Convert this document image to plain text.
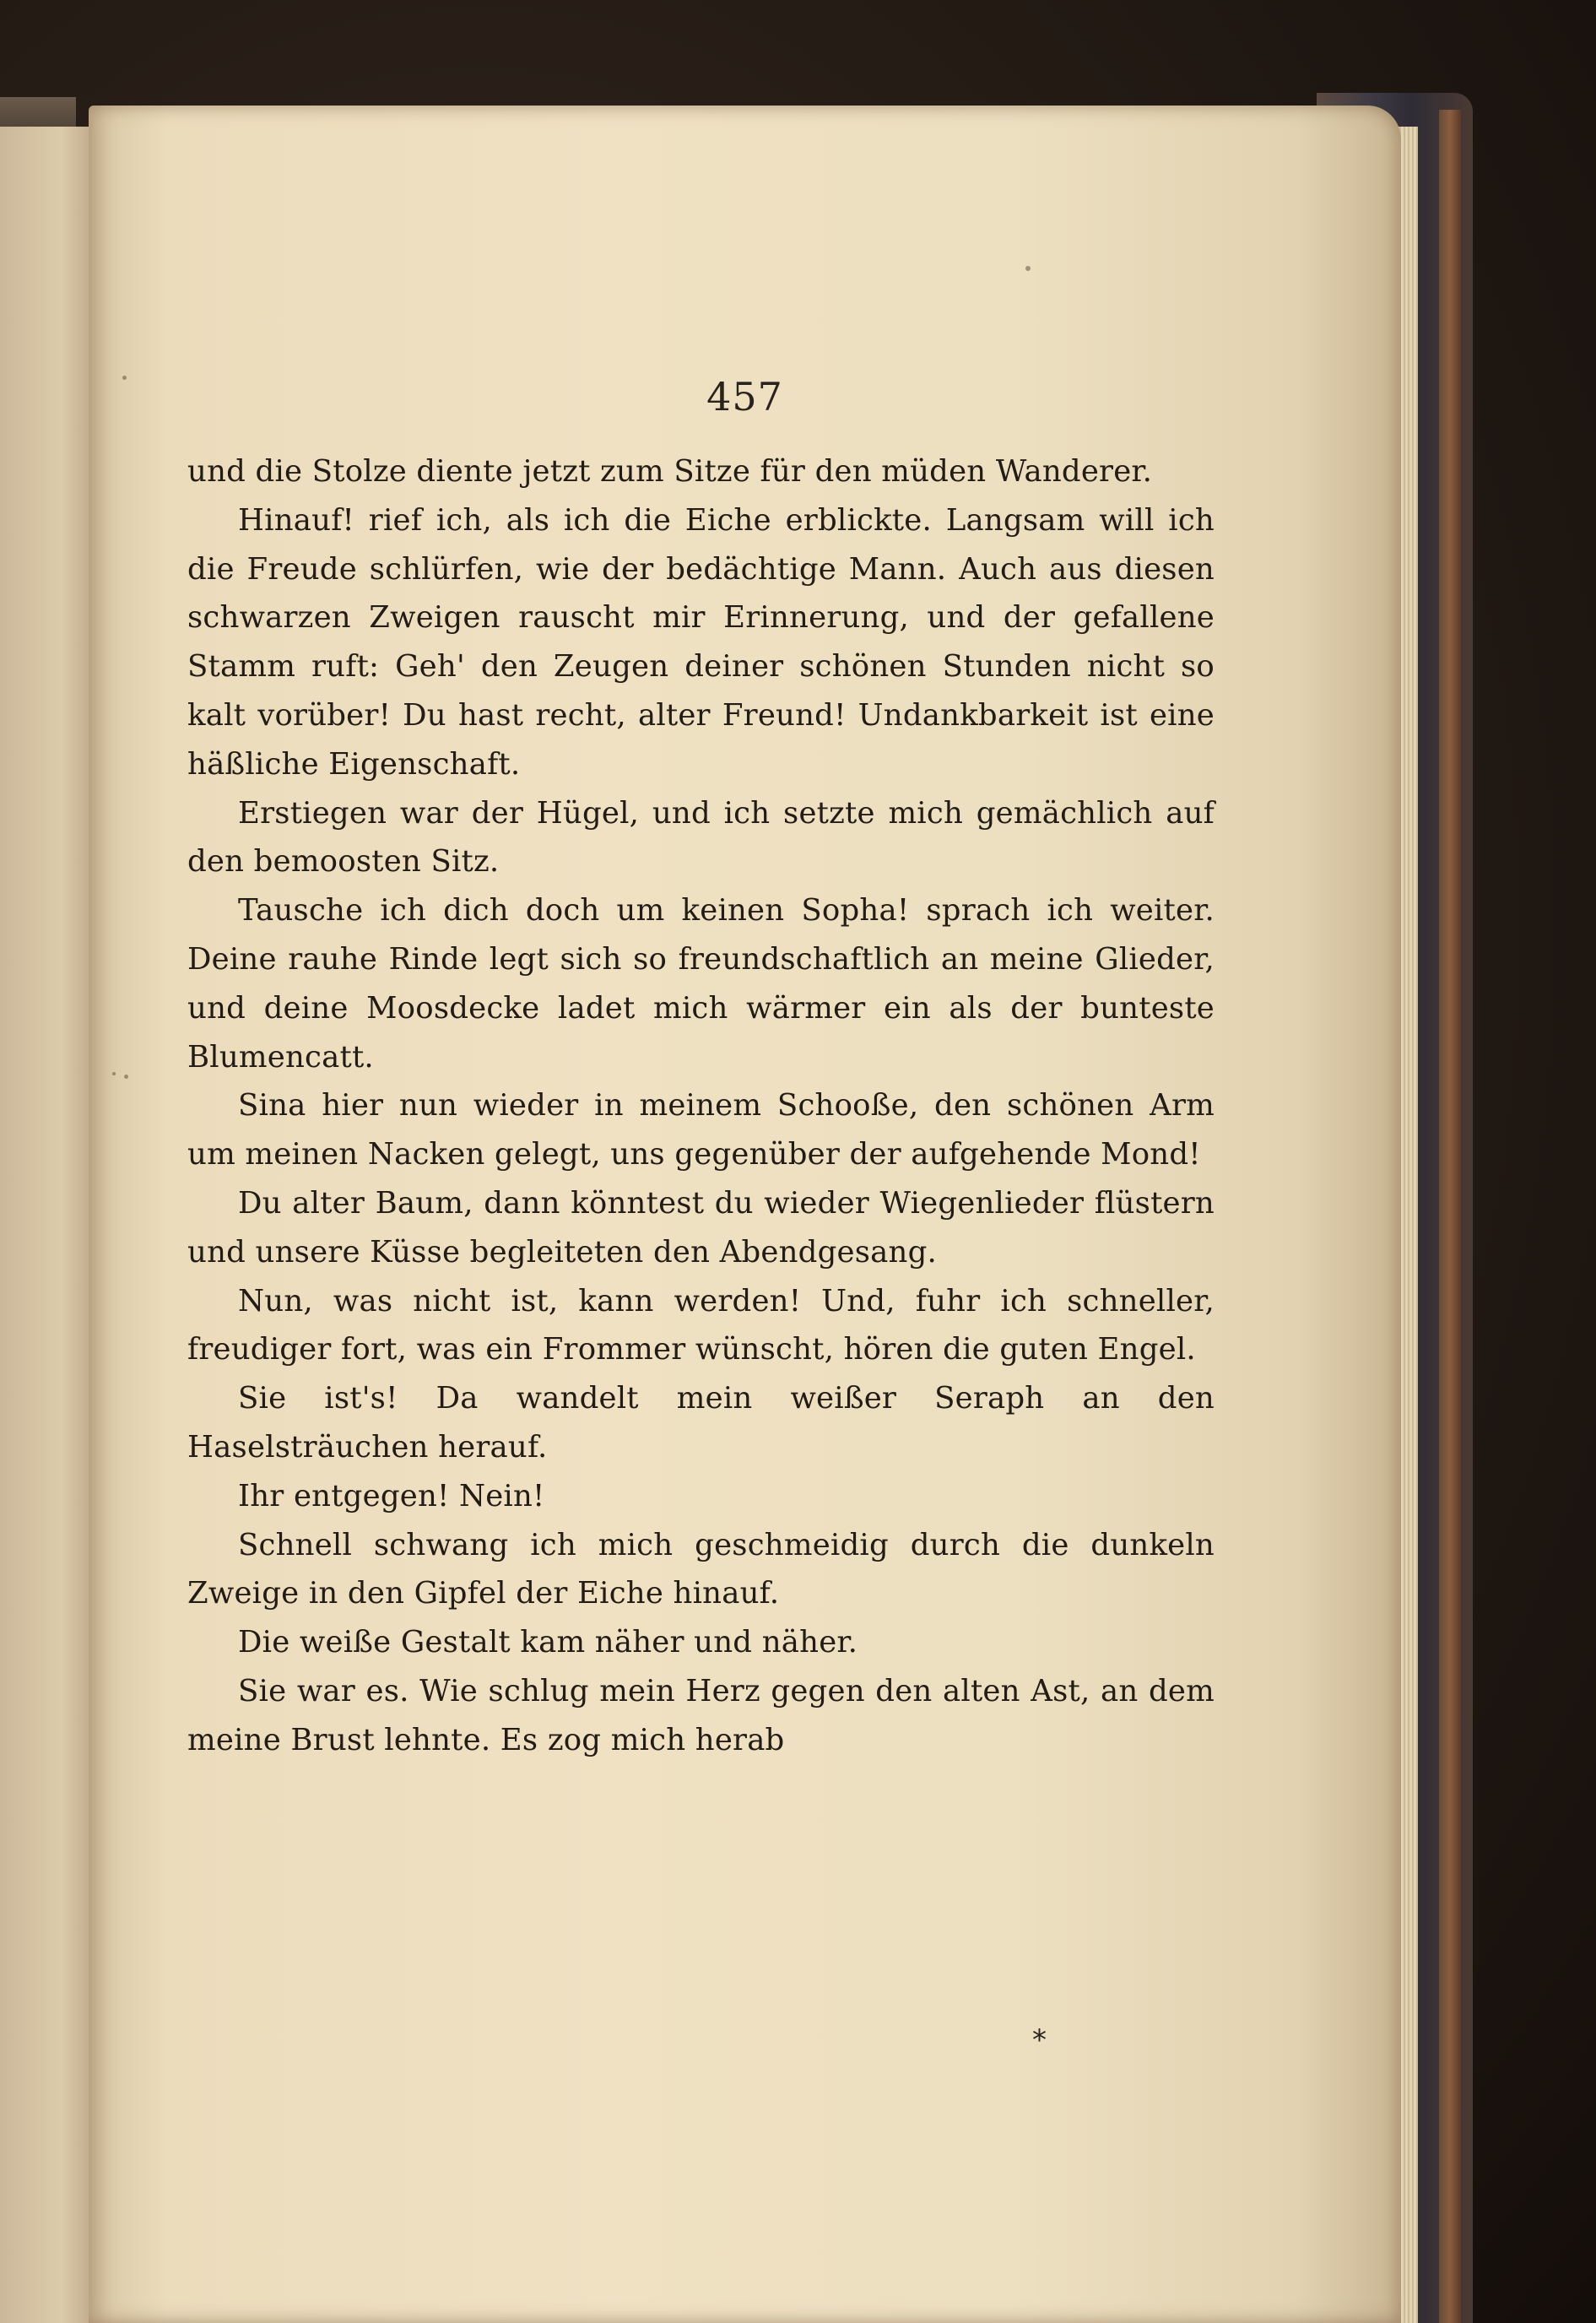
457

und die Stolze diente jetzt zum Sitze für den müden Wanderer.

Hinauf! rief ich, als ich die Eiche erblickte. Langsam will ich die Freude schlürfen, wie der bedächtige Mann. Auch aus diesen schwarzen Zweigen rauscht mir Erinnerung, und der gefallene Stamm ruft: Geh' den Zeugen deiner schönen Stunden nicht so kalt vorüber! Du hast recht, alter Freund! Undankbarkeit ist eine häßliche Eigenschaft.

Erstiegen war der Hügel, und ich setzte mich gemächlich auf den bemoosten Sitz.

Tausche ich dich doch um keinen Sopha! sprach ich weiter. Deine rauhe Rinde legt sich so freundschaftlich an meine Glieder, und deine Moosdecke ladet mich wärmer ein als der bunteste Blumencatt.

Sina hier nun wieder in meinem Schooße, den schönen Arm um meinen Nacken gelegt, uns gegenüber der aufgehende Mond!

Du alter Baum, dann könntest du wieder Wiegenlieder flüstern und unsere Küsse begleiteten den Abendgesang.

Nun, was nicht ist, kann werden! Und, fuhr ich schneller, freudiger fort, was ein Frommer wünscht, hören die guten Engel.

Sie ist's! Da wandelt mein weißer Seraph an den Haselsträuchen herauf.

Ihr entgegen! Nein!

Schnell schwang ich mich geschmeidig durch die dunkeln Zweige in den Gipfel der Eiche hinauf.

Die weiße Gestalt kam näher und näher.

Sie war es. Wie schlug mein Herz gegen den alten Ast, an dem meine Brust lehnte. Es zog mich herab

*
